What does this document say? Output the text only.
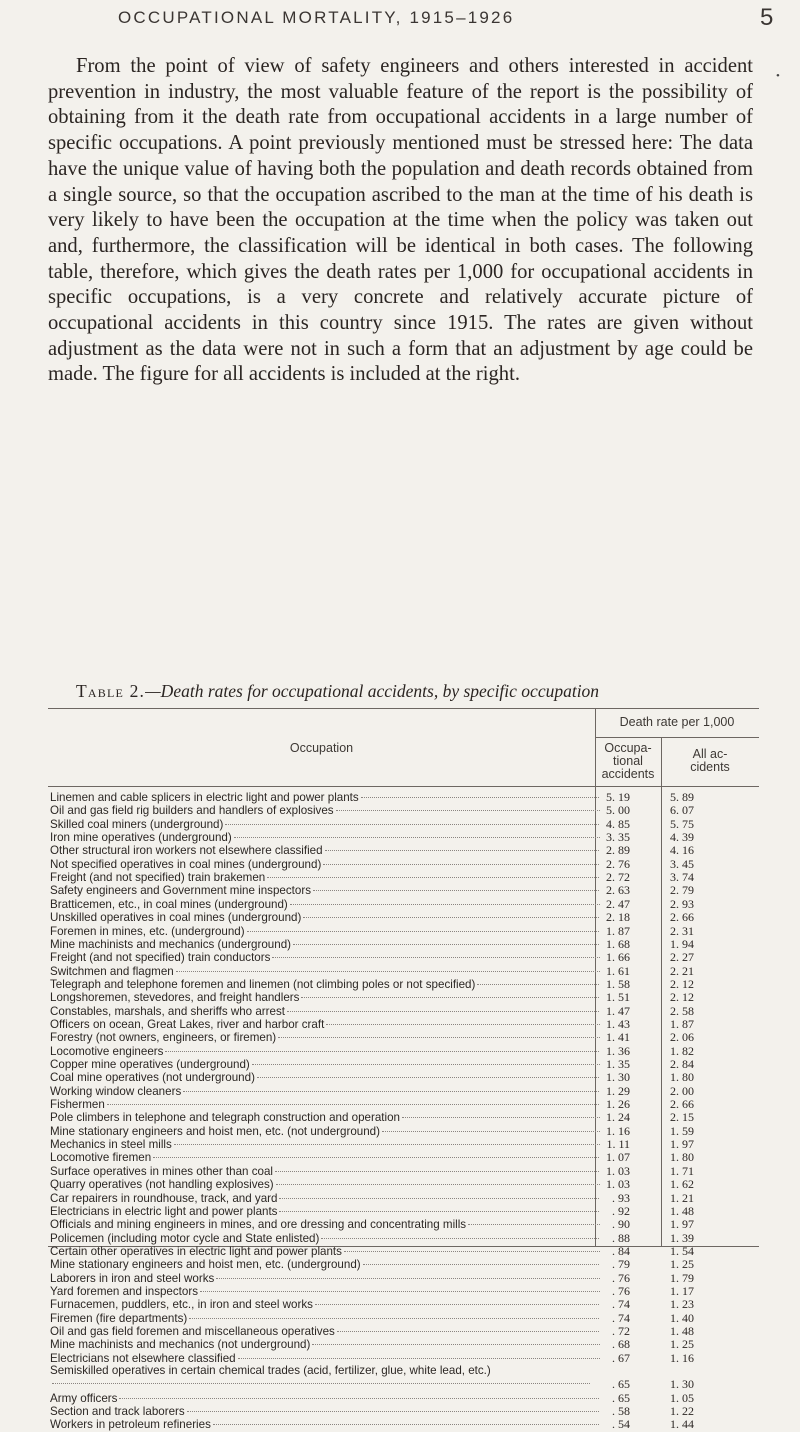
OCCUPATIONAL MORTALITY, 1915–1926	5
•

From the point of view of safety engineers and others interested in accident prevention in industry, the most valuable feature of the report is the possibility of obtaining from it the death rate from occupational accidents in a large number of specific occupations. A point previously mentioned must be stressed here: The data have the unique value of having both the population and death records obtained from a single source, so that the occupation ascribed to the man at the time of his death is very likely to have been the occupation at the time when the policy was taken out and, furthermore, the classification will be identical in both cases. The following table, therefore, which gives the death rates per 1,000 for occupational accidents in specific occupations, is a very concrete and relatively accurate picture of occupational accidents in this country since 1915. The rates are given without adjustment as the data were not in such a form that an adjustment by age could be made. The figure for all accidents is included at the right.

Table 2.—Death rates for occupational accidents, by specific occupation
Occupation
Death rate per 1,000
Occupa-
tional
accidents
All ac-
cidents
Linemen and cable splicers in electric light and power plants	5. 19	5. 89
Oil and gas field rig builders and handlers of explosives	5. 00	6. 07
Skilled coal miners (underground)	4. 85	5. 75
Iron mine operatives (underground)	3. 35	4. 39
Other structural iron workers not elsewhere classified	2. 89	4. 16
Not specified operatives in coal mines (underground)	2. 76	3. 45
Freight (and not specified) train brakemen	2. 72	3. 74
Safety engineers and Government mine inspectors	2. 63	2. 79
Bratticemen, etc., in coal mines (underground)	2. 47	2. 93
Unskilled operatives in coal mines (underground)	2. 18	2. 66
Foremen in mines, etc. (underground)	1. 87	2. 31
Mine machinists and mechanics (underground)	1. 68	1. 94
Freight (and not specified) train conductors	1. 66	2. 27
Switchmen and flagmen	1. 61	2. 21
Telegraph and telephone foremen and linemen (not climbing poles or not specified)	1. 58	2. 12
Longshoremen, stevedores, and freight handlers	1. 51	2. 12
Constables, marshals, and sheriffs who arrest	1. 47	2. 58
Officers on ocean, Great Lakes, river and harbor craft	1. 43	1. 87
Forestry (not owners, engineers, or firemen)	1. 41	2. 06
Locomotive engineers	1. 36	1. 82
Copper mine operatives (underground)	1. 35	2. 84
Coal mine operatives (not underground)	1. 30	1. 80
Working window cleaners	1. 29	2. 00
Fishermen	1. 26	2. 66
Pole climbers in telephone and telegraph construction and operation	1. 24	2. 15
Mine stationary engineers and hoist men, etc. (not underground)	1. 16	1. 59
Mechanics in steel mills	1. 11	1. 97
Locomotive firemen	1. 07	1. 80
Surface operatives in mines other than coal	1. 03	1. 71
Quarry operatives (not handling explosives)	1. 03	1. 62
Car repairers in roundhouse, track, and yard	. 93	1. 21
Electricians in electric light and power plants	. 92	1. 48
Officials and mining engineers in mines, and ore dressing and concentrating mills	. 90	1. 97
Policemen (including motor cycle and State enlisted)	. 88	1. 39
Certain other operatives in electric light and power plants	. 84	1. 54
Mine stationary engineers and hoist men, etc. (underground)	. 79	1. 25
Laborers in iron and steel works	. 76	1. 79
Yard foremen and inspectors	. 76	1. 17
Furnacemen, puddlers, etc., in iron and steel works	. 74	1. 23
Firemen (fire departments)	. 74	1. 40
Oil and gas field foremen and miscellaneous operatives	. 72	1. 48
Mine machinists and mechanics (not underground)	. 68	1. 25
Electricians not elsewhere classified	. 67	1. 16
Semiskilled operatives in certain chemical trades (acid, fertilizer, glue, white lead, etc.)
. 65	1. 30
Army officers	. 65	1. 05
Section and track laborers	. 58	1. 22
Workers in petroleum refineries	. 54	1. 44
